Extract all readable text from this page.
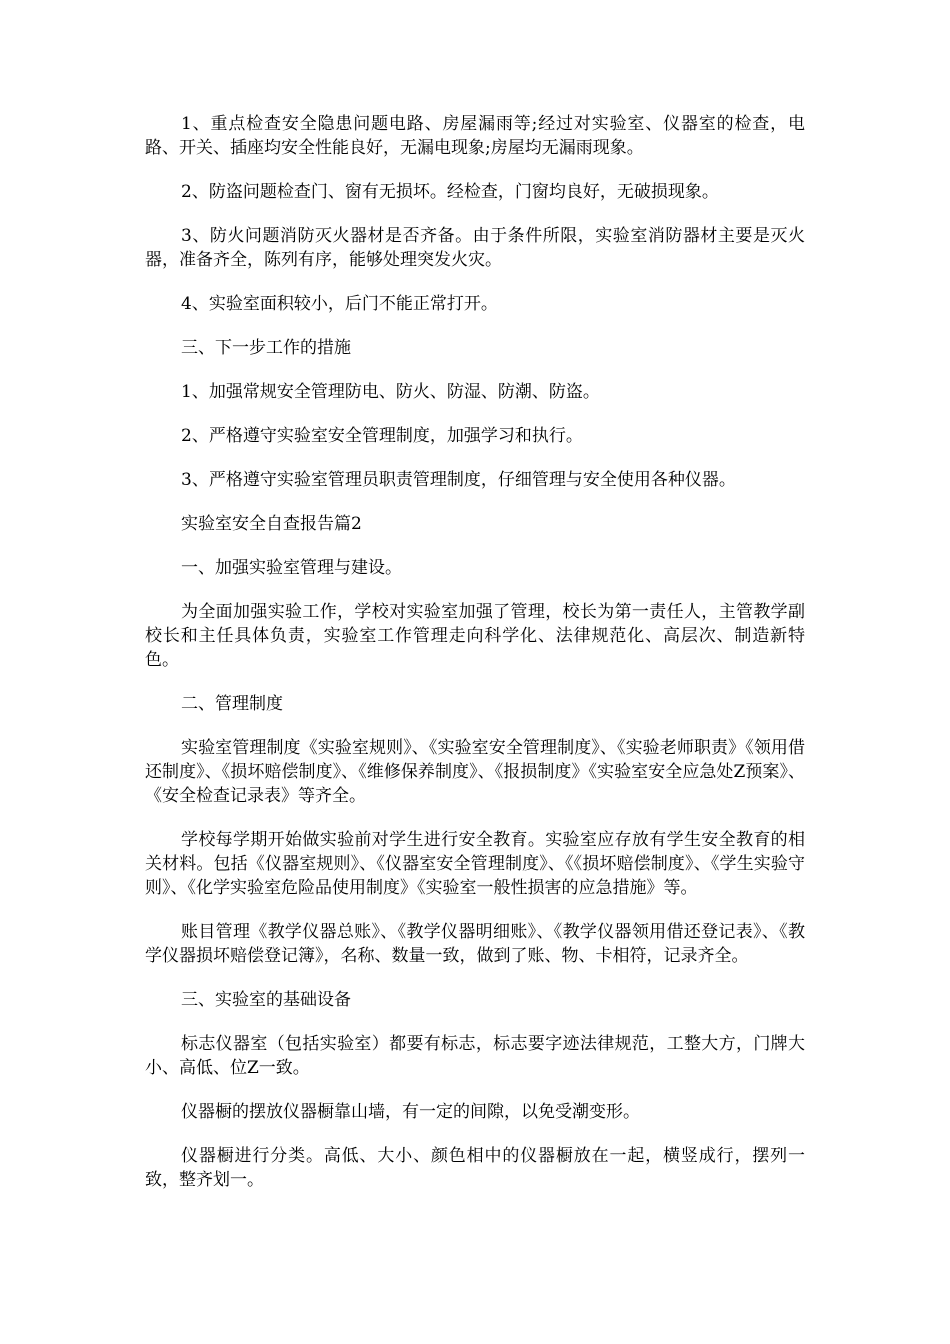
1、重点检查安全隐患问题电路、房屋漏雨等;经过对实验室、仪器室的检查，电路、开关、插座均安全性能良好，无漏电现象;房屋均无漏雨现象。

2、防盗问题检查门、窗有无损坏。经检查，门窗均良好，无破损现象。

3、防火问题消防灭火器材是否齐备。由于条件所限，实验室消防器材主要是灭火器，准备齐全，陈列有序，能够处理突发火灾。

4、实验室面积较小，后门不能正常打开。

三、下一步工作的措施

1、加强常规安全管理防电、防火、防湿、防潮、防盗。

2、严格遵守实验室安全管理制度，加强学习和执行。

3、严格遵守实验室管理员职责管理制度，仔细管理与安全使用各种仪器。

实验室安全自查报告篇2

一、加强实验室管理与建设。

为全面加强实验工作，学校对实验室加强了管理，校长为第一责任人，主管教学副校长和主任具体负责，实验室工作管理走向科学化、法律规范化、高层次、制造新特色。

二、管理制度

实验室管理制度《实验室规则》、《实验室安全管理制度》、《实验老师职责》《领用借还制度》、《损坏赔偿制度》、《维修保养制度》、《报损制度》《实验室安全应急处Z预案》、《安全检查记录表》等齐全。

学校每学期开始做实验前对学生进行安全教育。实验室应存放有学生安全教育的相关材料。包括《仪器室规则》、《仪器室安全管理制度》、《《损坏赔偿制度》、《学生实验守则》、《化学实验室危险品使用制度》《实验室一般性损害的应急措施》等。

账目管理《教学仪器总账》、《教学仪器明细账》、《教学仪器领用借还登记表》、《教学仪器损坏赔偿登记簿》，名称、数量一致，做到了账、物、卡相符，记录齐全。

三、实验室的基础设备

标志仪器室（包括实验室）都要有标志，标志要字迹法律规范，工整大方，门牌大小、高低、位Z一致。

仪器橱的摆放仪器橱靠山墙，有一定的间隙，以免受潮变形。

仪器橱进行分类。高低、大小、颜色相中的仪器橱放在一起，横竖成行，摆列一致，整齐划一。
